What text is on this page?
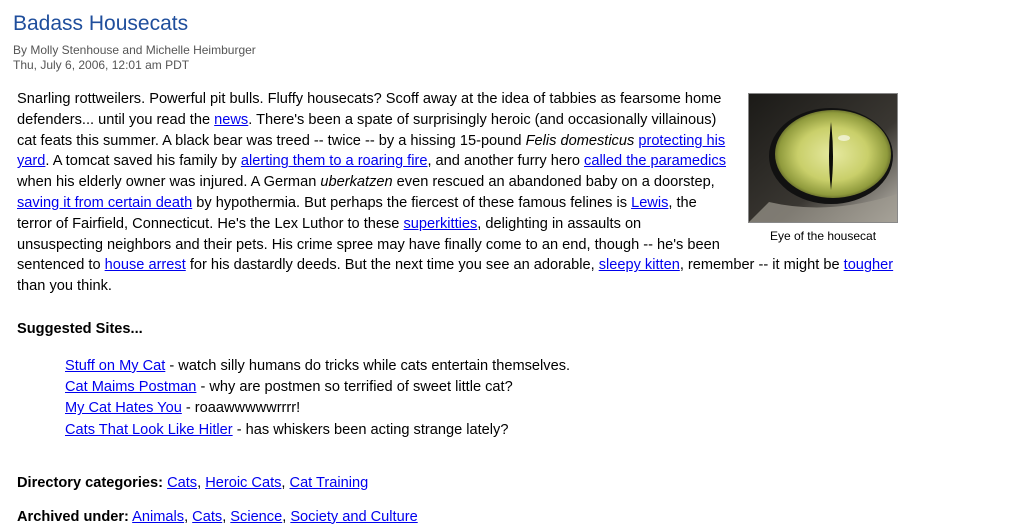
Badass Housecats
By Molly Stenhouse and Michelle Heimburger
Thu, July 6, 2006, 12:01 am PDT
Eye of the housecat

Snarling rottweilers. Powerful pit bulls. Fluffy housecats? Scoff away at the idea of tabbies as fearsome home defenders... until you read the news. There's been a spate of surprisingly heroic (and occasionally villainous) cat feats this summer. A black bear was treed -- twice -- by a hissing 15-pound Felis domesticus protecting his yard. A tomcat saved his family by alerting them to a roaring fire, and another furry hero called the paramedics when his elderly owner was injured. A German uberkatzen even rescued an abandoned baby on a doorstep, saving it from certain death by hypothermia. But perhaps the fiercest of these famous felines is Lewis, the terror of Fairfield, Connecticut. He's the Lex Luthor to these superkitties, delighting in assaults on unsuspecting neighbors and their pets. His crime spree may have finally come to an end, though -- he's been sentenced to house arrest for his dastardly deeds. But the next time you see an adorable, sleepy kitten, remember -- it might be tougher than you think.

Suggested Sites...
Stuff on My Cat - watch silly humans do tricks while cats entertain themselves.
Cat Maims Postman - why are postmen so terrified of sweet little cat?
My Cat Hates You - roaawwwwwrrrr!
Cats That Look Like Hitler - has whiskers been acting strange lately?
Directory categories: Cats, Heroic Cats, Cat Training
Archived under: Animals, Cats, Science, Society and Culture
